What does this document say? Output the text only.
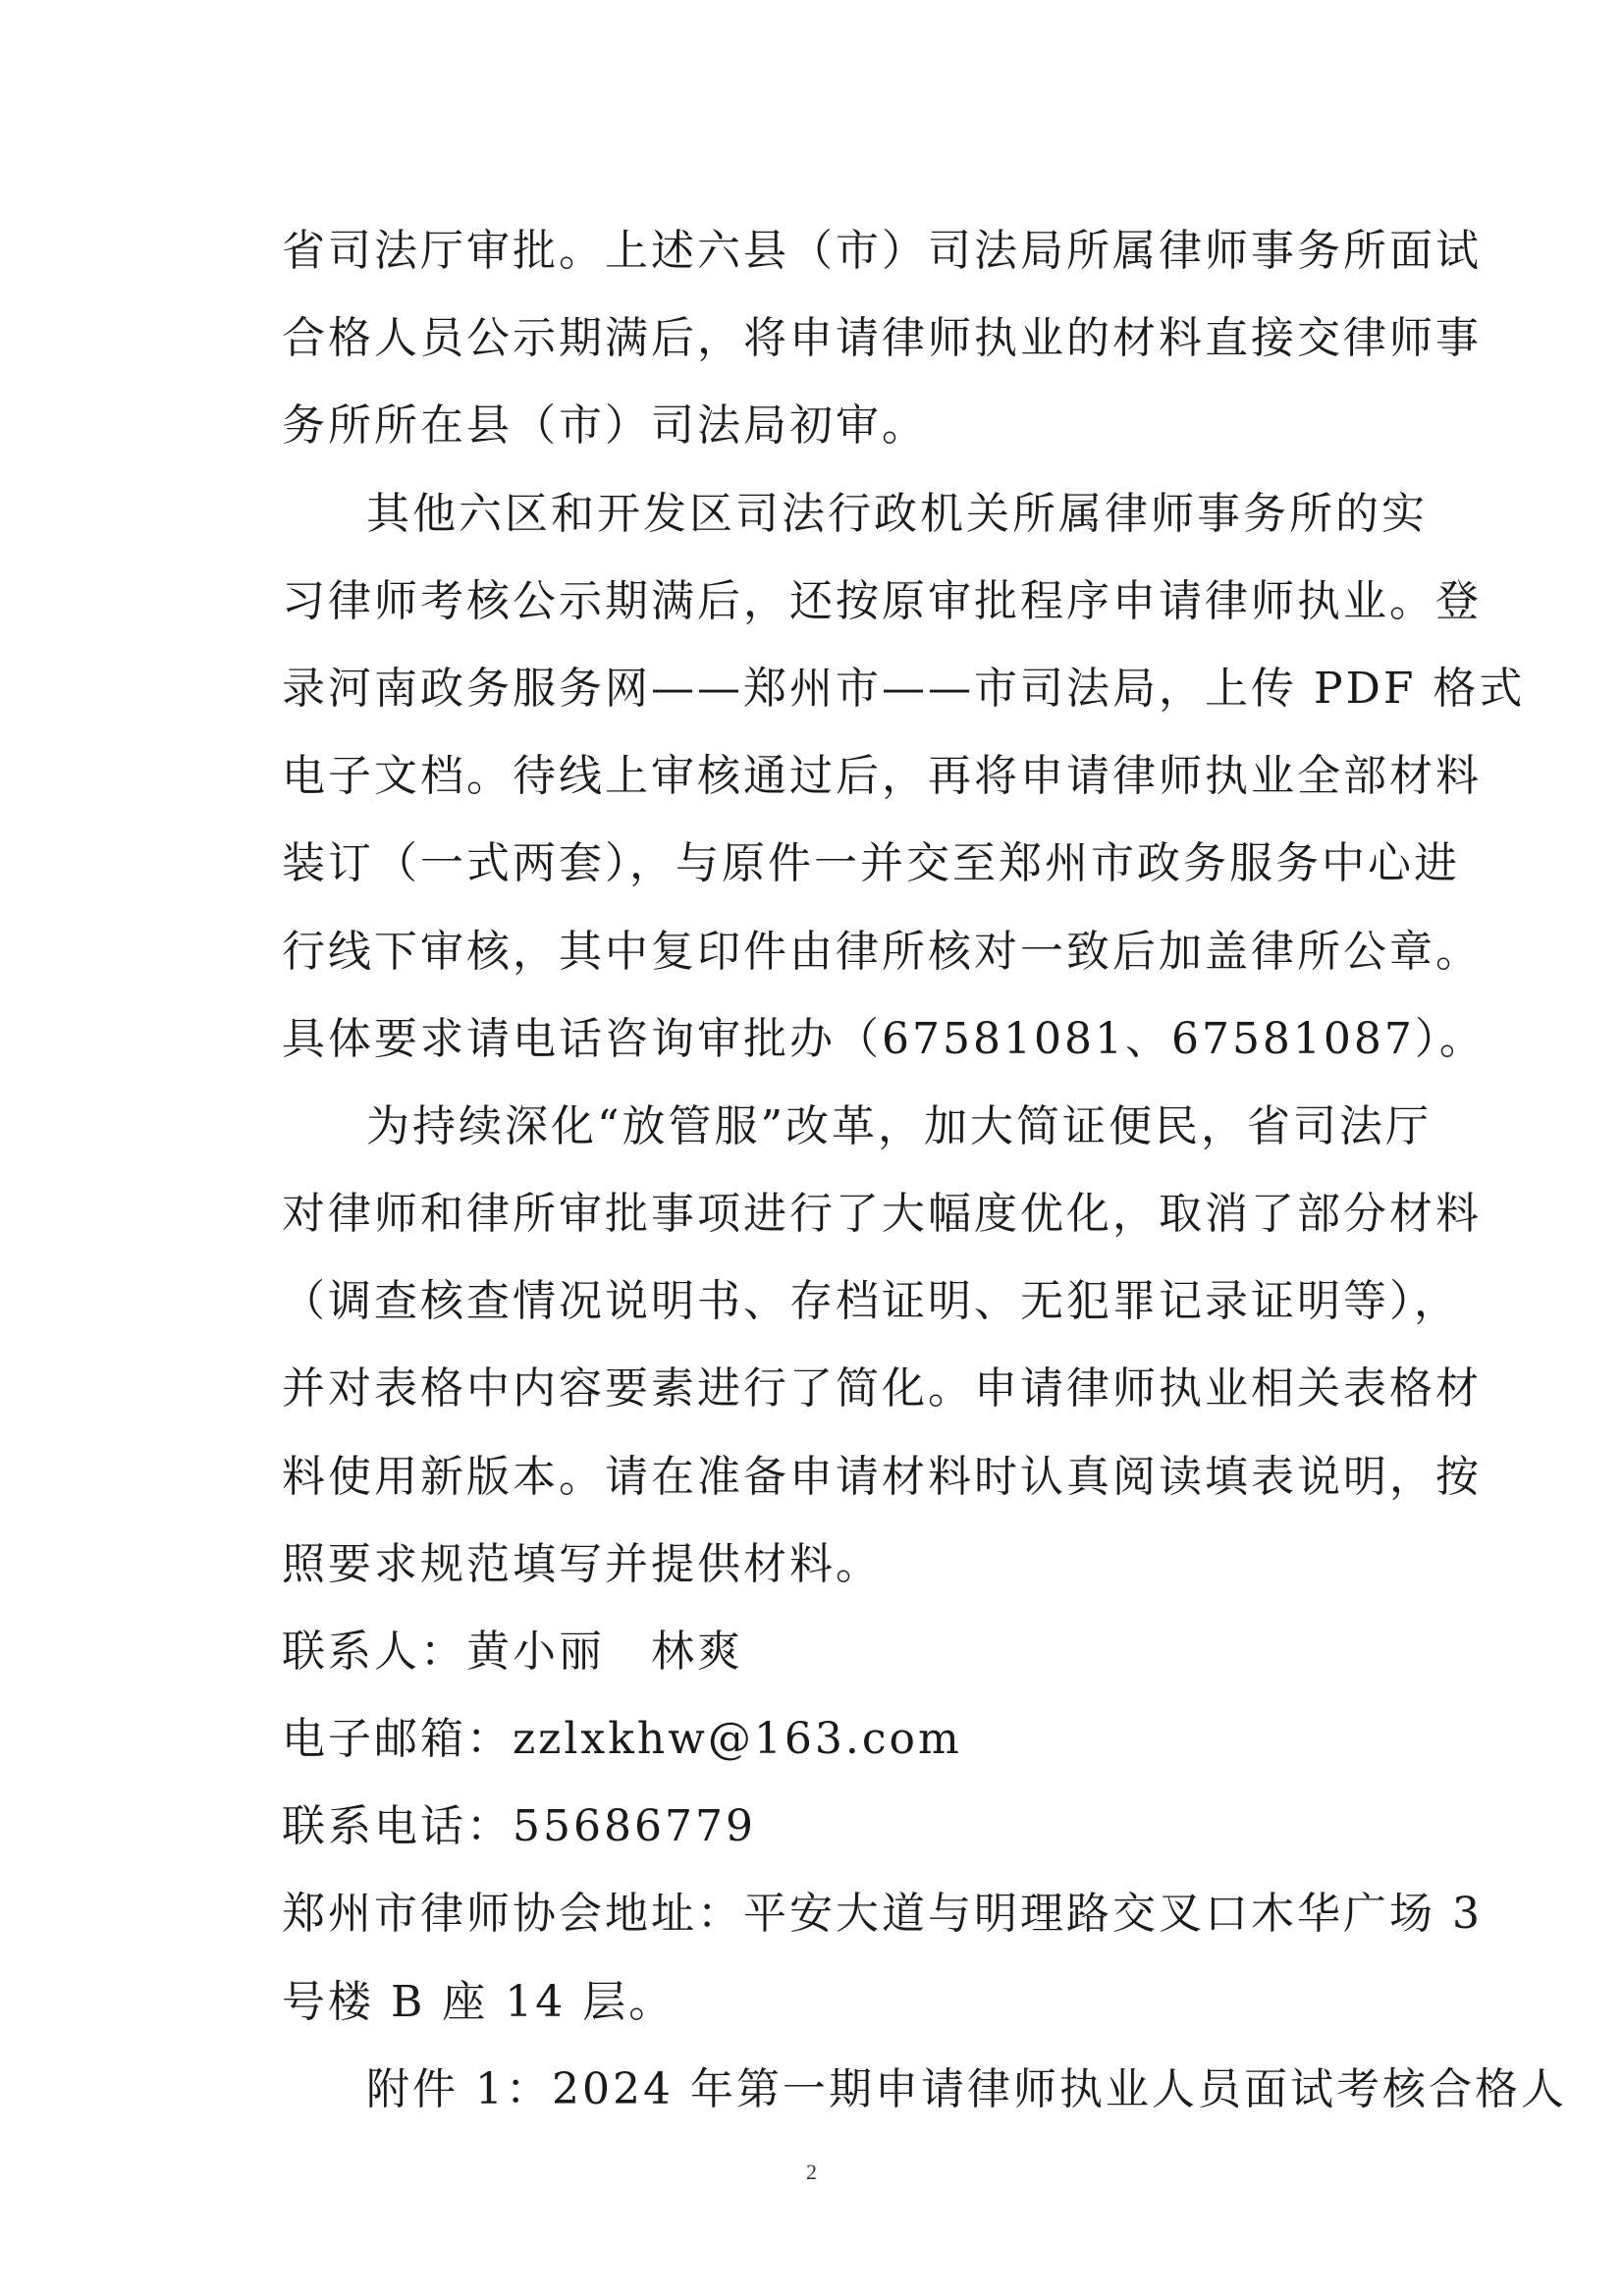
省司法厅审批。上述六县（市）司法局所属律师事务所面试
合格人员公示期满后，将申请律师执业的材料直接交律师事
务所所在县（市）司法局初审。
其他六区和开发区司法行政机关所属律师事务所的实
习律师考核公示期满后，还按原审批程序申请律师执业。登
录河南政务服务网——郑州市——市司法局，上传 PDF 格式
电子文档。待线上审核通过后，再将申请律师执业全部材料
装订（一式两套），与原件一并交至郑州市政务服务中心进
行线下审核，其中复印件由律所核对一致后加盖律所公章。
具体要求请电话咨询审批办（67581081、67581087）。
为持续深化“放管服”改革，加大简证便民，省司法厅
对律师和律所审批事项进行了大幅度优化，取消了部分材料
（调查核查情况说明书、存档证明、无犯罪记录证明等），
并对表格中内容要素进行了简化。申请律师执业相关表格材
料使用新版本。请在准备申请材料时认真阅读填表说明，按
照要求规范填写并提供材料。
联系人：黄小丽　林爽
电子邮箱：zzlxkhw@163.com
联系电话：55686779
郑州市律师协会地址：平安大道与明理路交叉口木华广场 3
号楼 B 座 14 层。
附件 1：2024 年第一期申请律师执业人员面试考核合格人
2
